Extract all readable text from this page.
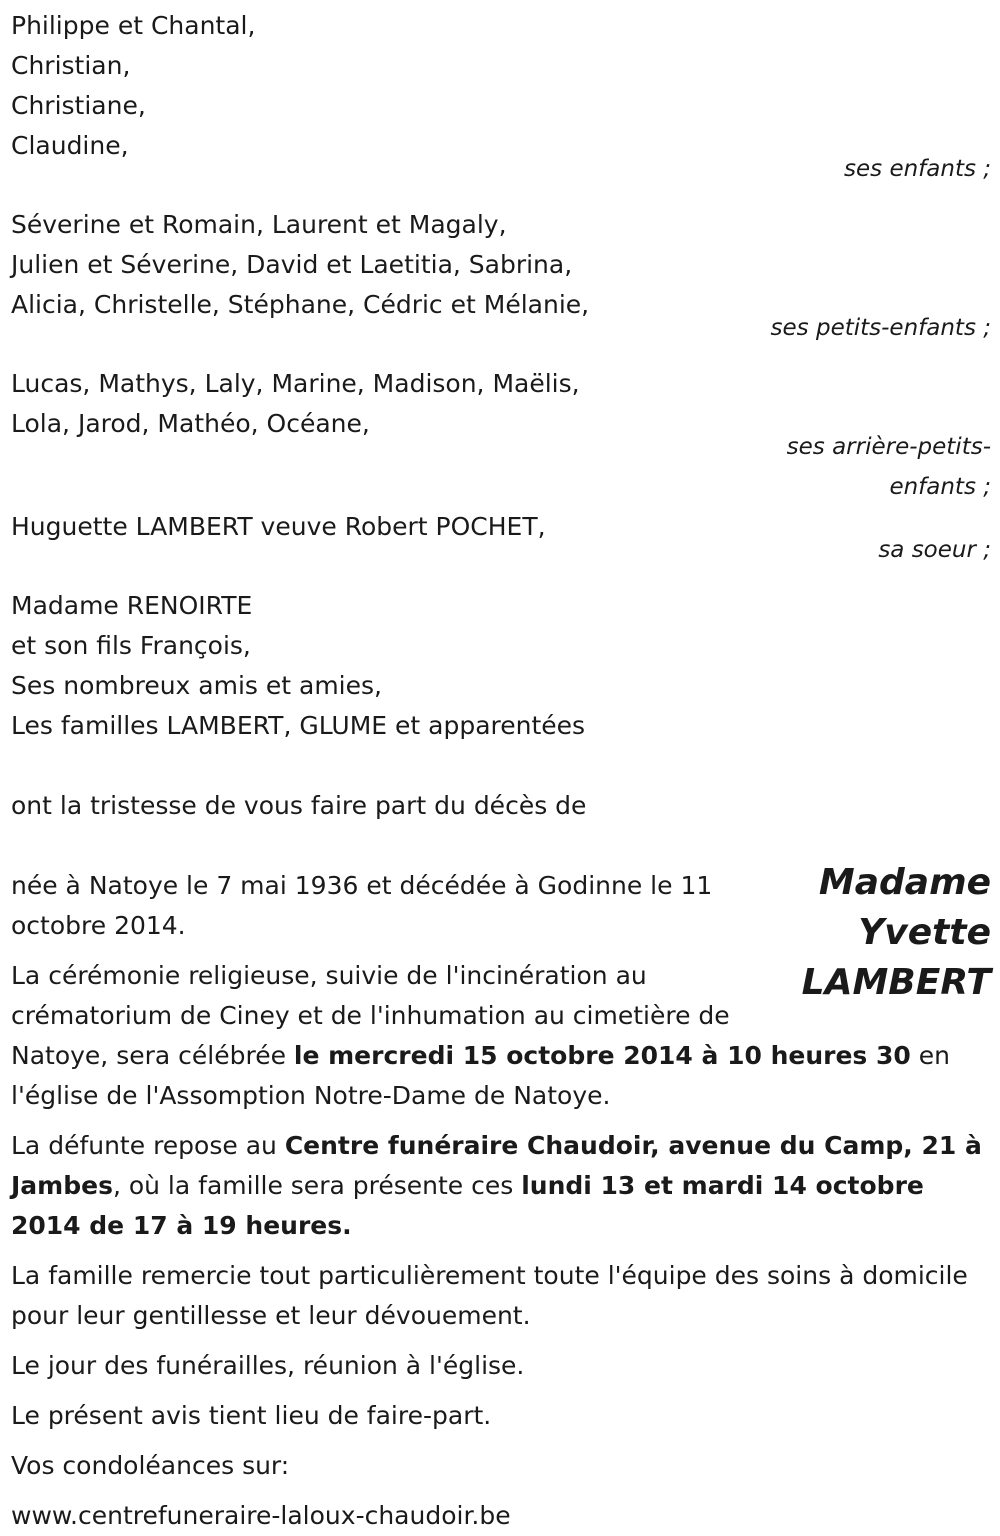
Philippe et Chantal,
Christian,
Christiane,
Claudine,
ses enfants ;
Séverine et Romain, Laurent et Magaly,
Julien et Séverine, David et Laetitia, Sabrina,
Alicia, Christelle, Stéphane, Cédric et Mélanie,
ses petits-enfants ;
Lucas, Mathys, Laly, Marine, Madison, Maëlis,
Lola, Jarod, Mathéo, Océane,
ses arrière-petits-
enfants ;
Huguette LAMBERT veuve Robert POCHET,
sa soeur ;
Madame RENOIRTE
et son fils François,
Ses nombreux amis et amies,
Les familles LAMBERT, GLUME et apparentées
ont la tristesse de vous faire part du décès de
Madame
Yvette
LAMBERT

née à Natoye le 7 mai 1936 et décédée à Godinne le 11 octobre 2014.

La cérémonie religieuse, suivie de l'incinération au crématorium de Ciney et de l'inhumation au cimetière de Natoye, sera célébrée le mercredi 15 octobre 2014 à 10 heures 30 en l'église de l'Assomption Notre-Dame de Natoye.

La défunte repose au Centre funéraire Chaudoir, avenue du Camp, 21 à Jambes, où la famille sera présente ces lundi 13 et mardi 14 octobre 2014 de 17 à 19 heures.

La famille remercie tout particulièrement toute l'équipe des soins à domicile pour leur gentillesse et leur dévouement.

Le jour des funérailles, réunion à l'église.

Le présent avis tient lieu de faire-part.

Vos condoléances sur:

www.centrefuneraire-laloux-chaudoir.be
